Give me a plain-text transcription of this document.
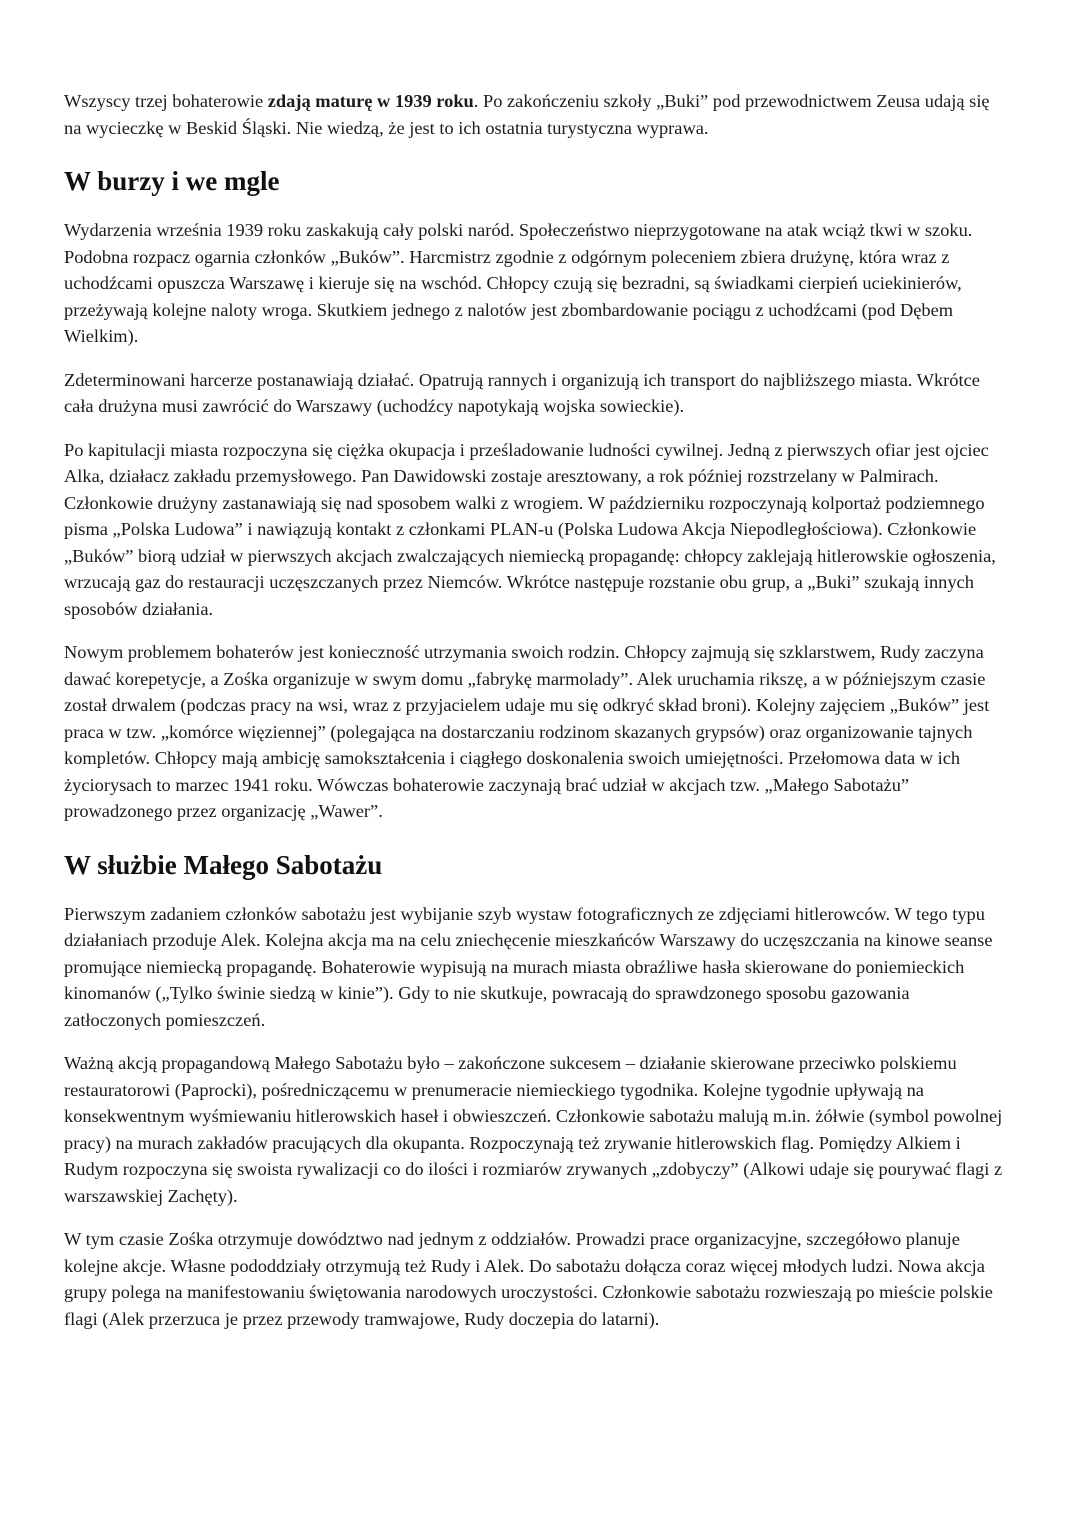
Wszyscy trzej bohaterowie zdają maturę w 1939 roku. Po zakończeniu szkoły „Buki” pod przewodnictwem Zeusa udają się na wycieczkę w Beskid Śląski. Nie wiedzą, że jest to ich ostatnia turystyczna wyprawa.

W burzy i we mgle

Wydarzenia września 1939 roku zaskakują cały polski naród. Społeczeństwo nieprzygotowane na atak wciąż tkwi w szoku. Podobna rozpacz ogarnia członków „Buków”. Harcmistrz zgodnie z odgórnym poleceniem zbiera drużynę, która wraz z uchodźcami opuszcza Warszawę i kieruje się na wschód. Chłopcy czują się bezradni, są świadkami cierpień uciekinierów, przeżywają kolejne naloty wroga. Skutkiem jednego z nalotów jest zbombardowanie pociągu z uchodźcami (pod Dębem Wielkim).

Zdeterminowani harcerze postanawiają działać. Opatrują rannych i organizują ich transport do najbliższego miasta. Wkrótce cała drużyna musi zawrócić do Warszawy (uchodźcy napotykają wojska sowieckie).

Po kapitulacji miasta rozpoczyna się ciężka okupacja i prześladowanie ludności cywilnej. Jedną z pierwszych ofiar jest ojciec Alka, działacz zakładu przemysłowego. Pan Dawidowski zostaje aresztowany, a rok później rozstrzelany w Palmirach. Członkowie drużyny zastanawiają się nad sposobem walki z wrogiem. W październiku rozpoczynają kolportaż podziemnego pisma „Polska Ludowa” i nawiązują kontakt z członkami PLAN-u (Polska Ludowa Akcja Niepodległościowa). Członkowie „Buków” biorą udział w pierwszych akcjach zwalczających niemiecką propagandę: chłopcy zaklejają hitlerowskie ogłoszenia, wrzucają gaz do restauracji uczęszczanych przez Niemców. Wkrótce następuje rozstanie obu grup, a „Buki” szukają innych sposobów działania.

Nowym problemem bohaterów jest konieczność utrzymania swoich rodzin. Chłopcy zajmują się szklarstwem, Rudy zaczyna dawać korepetycje, a Zośka organizuje w swym domu „fabrykę marmolady”. Alek uruchamia rikszę, a w późniejszym czasie został drwalem (podczas pracy na wsi, wraz z przyjacielem udaje mu się odkryć skład broni). Kolejny zajęciem „Buków” jest praca w tzw. „komórce więziennej” (polegająca na dostarczaniu rodzinom skazanych grypsów) oraz organizowanie tajnych kompletów. Chłopcy mają ambicję samokształcenia i ciągłego doskonalenia swoich umiejętności. Przełomowa data w ich życiorysach to marzec 1941 roku. Wówczas bohaterowie zaczynają brać udział w akcjach tzw. „Małego Sabotażu” prowadzonego przez organizację „Wawer”.

W służbie Małego Sabotażu

Pierwszym zadaniem członków sabotażu jest wybijanie szyb wystaw fotograficznych ze zdjęciami hitlerowców. W tego typu działaniach przoduje Alek. Kolejna akcja ma na celu zniechęcenie mieszkańców Warszawy do uczęszczania na kinowe seanse promujące niemiecką propagandę. Bohaterowie wypisują na murach miasta obraźliwe hasła skierowane do poniemieckich kinomanów („Tylko świnie siedzą w kinie”). Gdy to nie skutkuje, powracają do sprawdzonego sposobu gazowania zatłoczonych pomieszczeń.

Ważną akcją propagandową Małego Sabotażu było – zakończone sukcesem – działanie skierowane przeciwko polskiemu restauratorowi (Paprocki), pośredniczącemu w prenumeracie niemieckiego tygodnika. Kolejne tygodnie upływają na konsekwentnym wyśmiewaniu hitlerowskich haseł i obwieszczeń. Członkowie sabotażu malują m.in. żółwie (symbol powolnej pracy) na murach zakładów pracujących dla okupanta. Rozpoczynają też zrywanie hitlerowskich flag. Pomiędzy Alkiem i Rudym rozpoczyna się swoista rywalizacji co do ilości i rozmiarów zrywanych „zdobyczy” (Alkowi udaje się pourywać flagi z warszawskiej Zachęty).

W tym czasie Zośka otrzymuje dowództwo nad jednym z oddziałów. Prowadzi prace organizacyjne, szczegółowo planuje kolejne akcje. Własne pododdziały otrzymują też Rudy i Alek. Do sabotażu dołącza coraz więcej młodych ludzi. Nowa akcja grupy polega na manifestowaniu świętowania narodowych uroczystości. Członkowie sabotażu rozwieszają po mieście polskie flagi (Alek przerzuca je przez przewody tramwajowe, Rudy doczepia do latarni).
